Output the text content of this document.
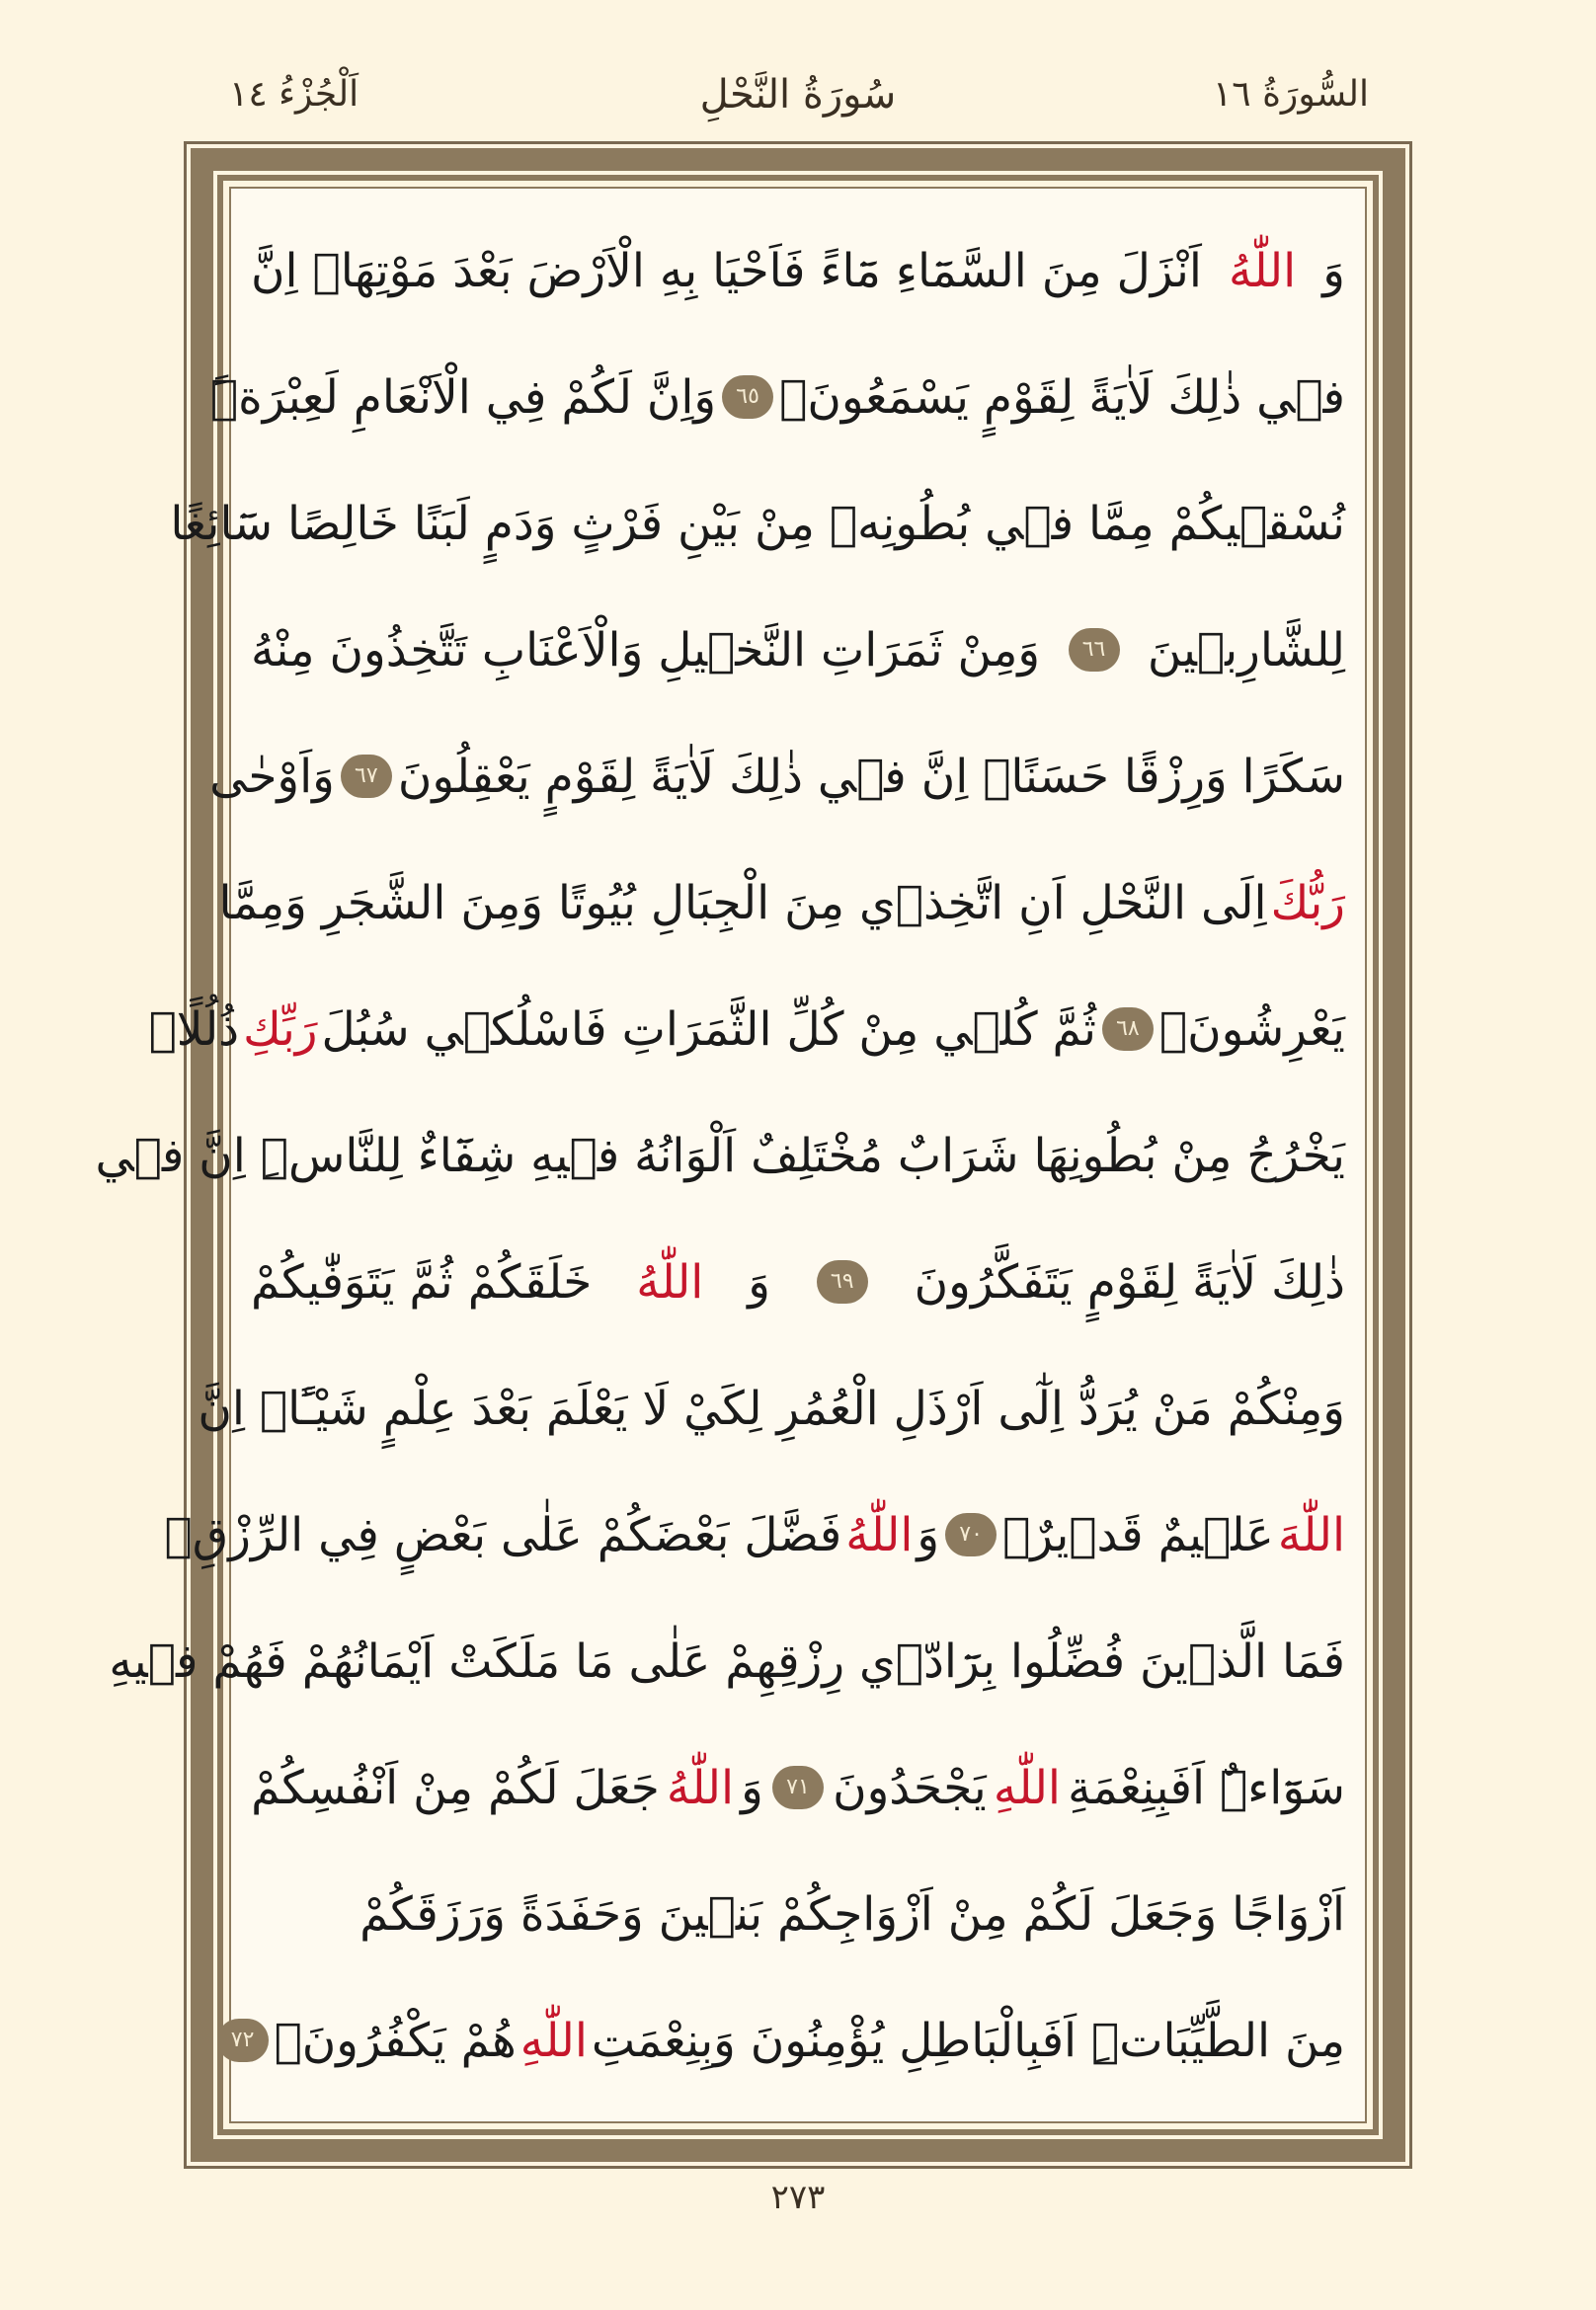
السُّورَةُ ١٦
سُورَةُ النَّحْلِ
اَلْجُزْءُ ١٤
وَ
اللّٰهُ
اَنْزَلَ مِنَ السَّمَٓاءِ مَٓاءً فَاَحْيَا بِهِ الْاَرْضَ بَعْدَ مَوْتِهَاۜ اِنَّ
ف۪ي ذٰلِكَ لَاٰيَةً لِقَوْمٍ يَسْمَعُونَ۟
٦٥
وَاِنَّ لَكُمْ فِي الْاَنْعَامِ لَعِبْرَةًۜ
نُسْق۪يكُمْ مِمَّا ف۪ي بُطُونِه۪ مِنْ بَيْنِ فَرْثٍ وَدَمٍ لَبَنًا خَالِصًا سَٓائِغًا
لِلشَّارِب۪ينَ
٦٦
وَمِنْ ثَمَرَاتِ النَّخ۪يلِ وَالْاَعْنَابِ تَتَّخِذُونَ مِنْهُ
سَكَرًا وَرِزْقًا حَسَنًاۜ اِنَّ ف۪ي ذٰلِكَ لَاٰيَةً لِقَوْمٍ يَعْقِلُونَ
٦٧
وَاَوْحٰى
رَبُّكَ
اِلَى النَّحْلِ اَنِ اتَّخِذ۪ي مِنَ الْجِبَالِ بُيُوتًا وَمِنَ الشَّجَرِ وَمِمَّا
يَعْرِشُونَۙ
٦٨
ثُمَّ كُل۪ي مِنْ كُلِّ الثَّمَرَاتِ فَاسْلُك۪ي سُبُلَ
رَبِّكِ
ذُلُلًاۜ
يَخْرُجُ مِنْ بُطُونِهَا شَرَابٌ مُخْتَلِفٌ اَلْوَانُهُ ف۪يهِ شِفَٓاءٌ لِلنَّاسِۜ اِنَّ ف۪ي
ذٰلِكَ لَاٰيَةً لِقَوْمٍ يَتَفَكَّرُونَ
٦٩
وَ
اللّٰهُ
خَلَقَكُمْ ثُمَّ يَتَوَفّٰيكُمْ
وَمِنْكُمْ مَنْ يُرَدُّ اِلٰٓى اَرْذَلِ الْعُمُرِ لِكَيْ لَا يَعْلَمَ بَعْدَ عِلْمٍ شَيْـًٔاۜ اِنَّ
اللّٰهَ
عَل۪يمٌ قَد۪يرٌ۟
٧٠
وَ
اللّٰهُ
فَضَّلَ بَعْضَكُمْ عَلٰى بَعْضٍ فِي الرِّزْقِۚ
فَمَا الَّذ۪ينَ فُضِّلُوا بِرَٓادّ۪ي رِزْقِهِمْ عَلٰى مَا مَلَكَتْ اَيْمَانُهُمْ فَهُمْ ف۪يهِ
سَوَٓاءٌۜ اَفَبِنِعْمَةِ
اللّٰهِ
يَجْحَدُونَ
٧١
وَ
اللّٰهُ
جَعَلَ لَكُمْ مِنْ اَنْفُسِكُمْ
اَزْوَاجًا وَجَعَلَ لَكُمْ مِنْ اَزْوَاجِكُمْ بَن۪ينَ وَحَفَدَةً وَرَزَقَكُمْ
مِنَ الطَّيِّبَاتِۜ اَفَبِالْبَاطِلِ يُؤْمِنُونَ وَبِنِعْمَتِ
اللّٰهِ
هُمْ يَكْفُرُونَۙ
٧٢
٢٧٣
